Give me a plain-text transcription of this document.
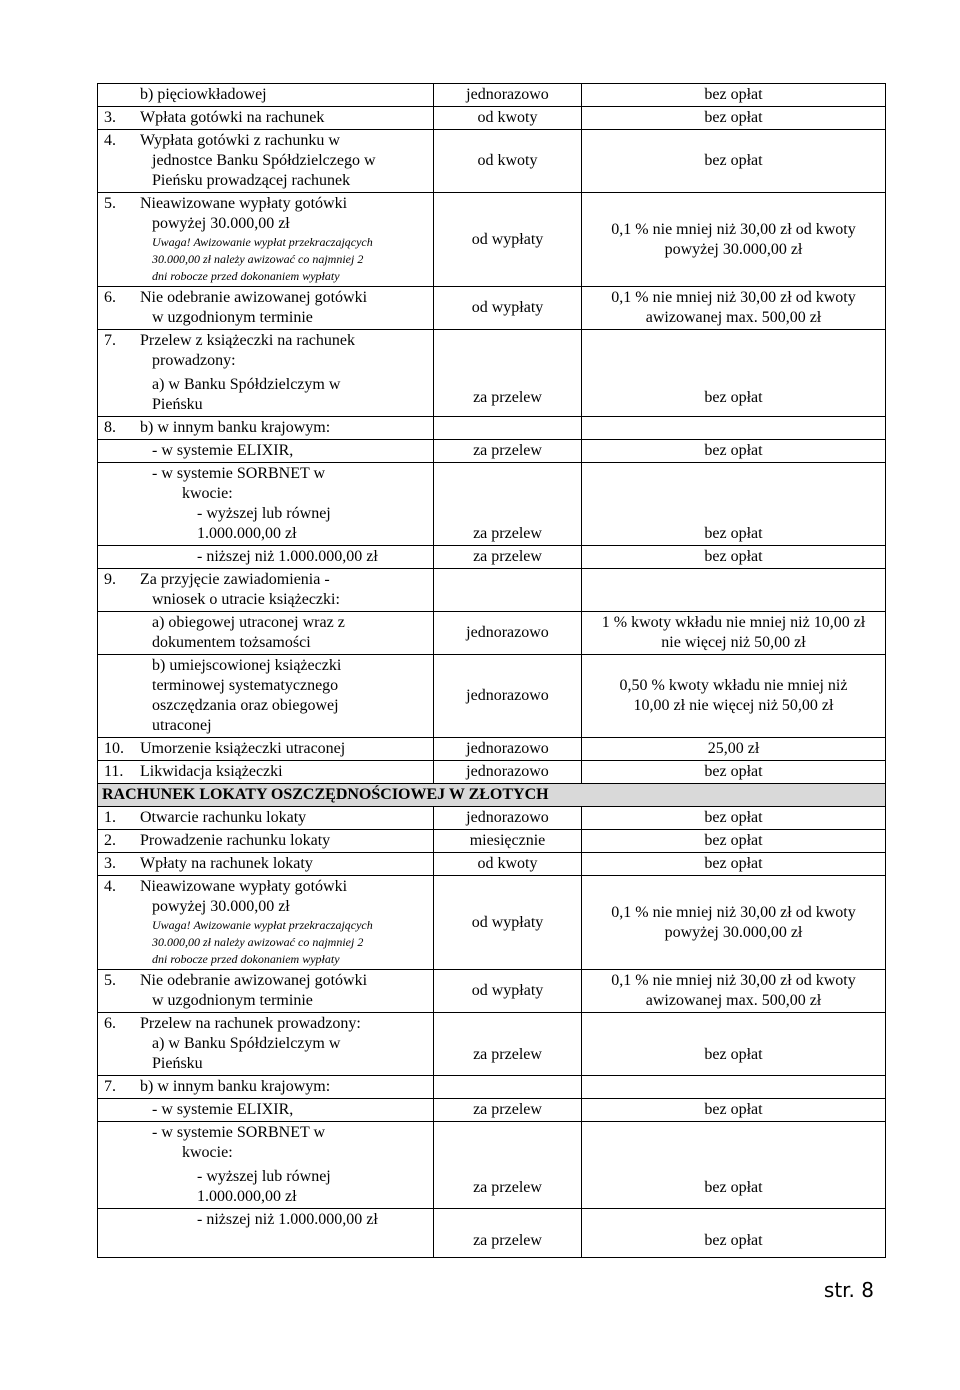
b) pięciowkładowej	jednorazowo	bez opłat
3. Wpłata gotówki na rachunek	od kwoty	bez opłat

4. Wypłata gotówki z rachunku w
jednostce Banku Spółdzielczego w
Pieńsku prowadzącej rachunek	od kwoty	bez opłat

5. Nieawizowane wypłaty gotówki
powyżej 30.000,00 zł
Uwaga! Awizowanie wypłat przekraczających
30.000,00 zł należy awizować co najmniej 2
dni robocze przed dokonaniem wypłaty	od wypłaty	0,1 % nie mniej niż 30,00 zł od kwoty
powyżej 30.000,00 zł

6. Nie odebranie awizowanej gotówki
w uzgodnionym terminie	od wypłaty	0,1 % nie mniej niż 30,00 zł od kwoty
awizowanej max. 500,00 zł

7. Przelew z książeczki na rachunek
prowadzony:
a) w Banku Spółdzielczym w
Pieńsku	za przelew	bez opłat
8. b) w innym banku krajowym:		

- w systemie ELIXIR,	za przelew	bez opłat

- w systemie SORBNET w
kwocie:
- wyższej lub równej
1.000.000,00 zł	za przelew	bez opłat

- niższej niż 1.000.000,00 zł	za przelew	bez opłat

9. Za przyjęcie zawiadomienia -
wniosek o utracie książeczki:		

a) obiegowej utraconej wraz z
dokumentem tożsamości	jednorazowo	1 % kwoty wkładu nie mniej niż 10,00 zł
nie więcej niż 50,00 zł

b) umiejscowionej książeczki
terminowej systematycznego
oszczędzania oraz obiegowej
utraconej	jednorazowo	0,50 % kwoty wkładu nie mniej niż
10,00 zł nie więcej niż 50,00 zł

10. Umorzenie książeczki utraconej	jednorazowo	25,00 zł
11. Likwidacja książeczki	jednorazowo	bez opłat
RACHUNEK LOKATY OSZCZĘDNOŚCIOWEJ W ZŁOTYCH		
1. Otwarcie rachunku lokaty	jednorazowo	bez opłat
2. Prowadzenie rachunku lokaty	miesięcznie	bez opłat
3. Wpłaty na rachunek lokaty	od kwoty	bez opłat

4. Nieawizowane wypłaty gotówki
powyżej 30.000,00 zł
Uwaga! Awizowanie wypłat przekraczających
30.000,00 zł należy awizować co najmniej 2
dni robocze przed dokonaniem wypłaty	od wypłaty	0,1 % nie mniej niż 30,00 zł od kwoty
powyżej 30.000,00 zł

5. Nie odebranie awizowanej gotówki
w uzgodnionym terminie	od wypłaty	0,1 % nie mniej niż 30,00 zł od kwoty
awizowanej max. 500,00 zł

6. Przelew na rachunek prowadzony:
a) w Banku Spółdzielczym w
Pieńsku	za przelew	bez opłat
7. b) w innym banku krajowym:		

- w systemie ELIXIR,	za przelew	bez opłat

- w systemie SORBNET w
kwocie:
- wyższej lub równej
1.000.000,00 zł	za przelew	bez opłat

- niższej niż 1.000.000,00 zł	za przelew	bez opłat
str. 8
